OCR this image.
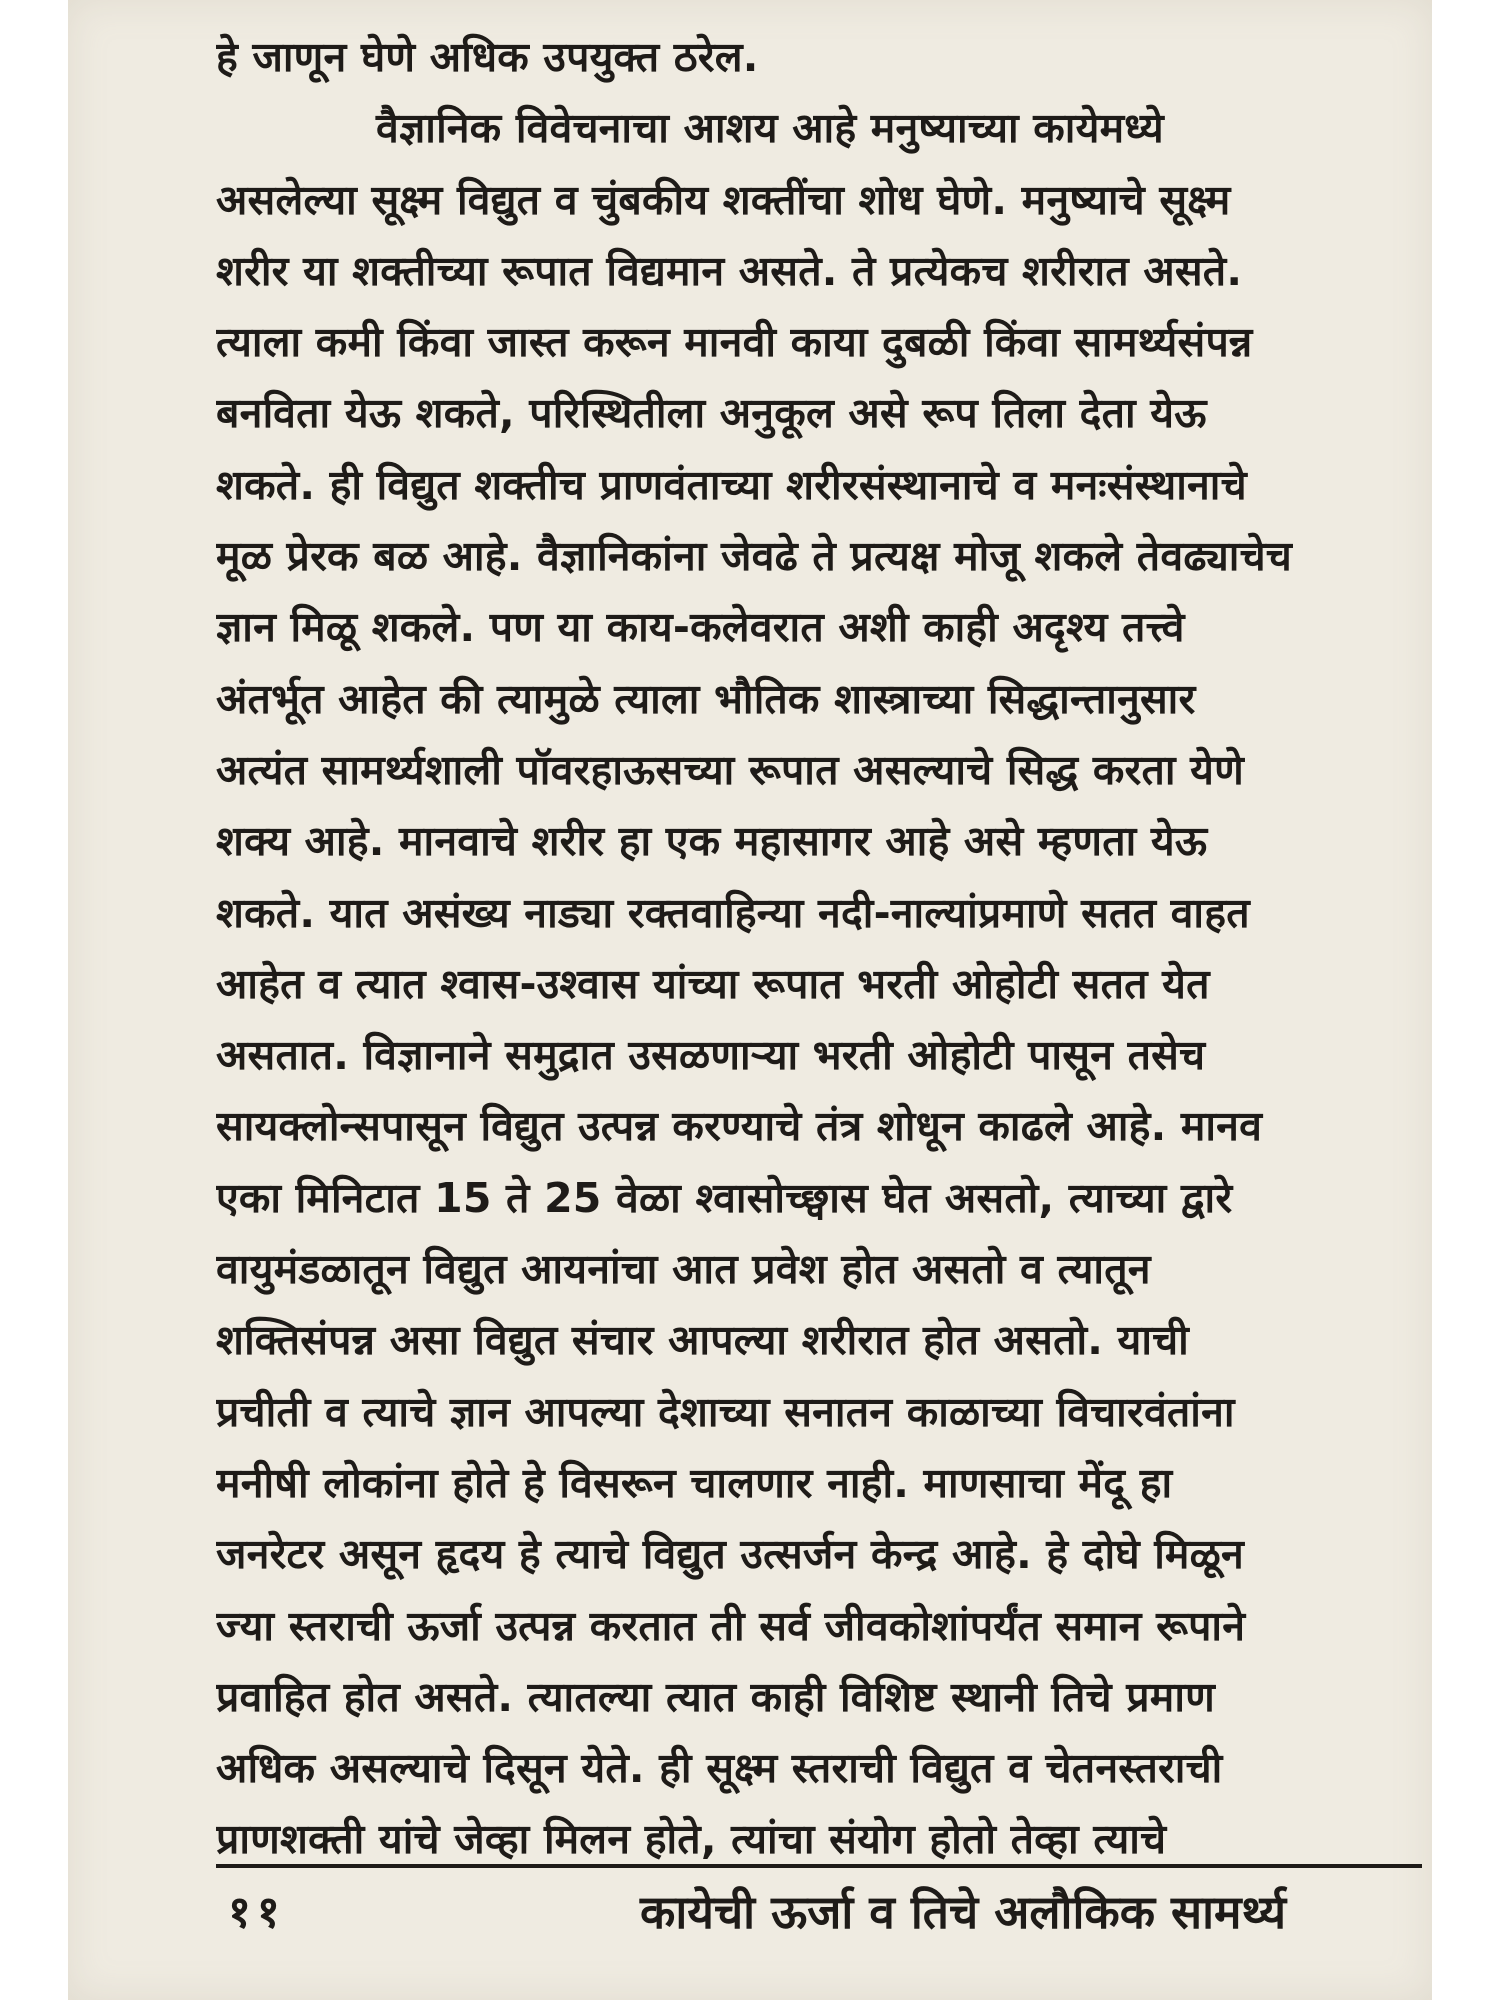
हे जाणून घेणे अधिक उपयुक्त ठरेल.
वैज्ञानिक विवेचनाचा आशय आहे मनुष्याच्या कायेमध्ये
असलेल्या सूक्ष्म विद्युत व चुंबकीय शक्तींचा शोध घेणे. मनुष्याचे सूक्ष्म
शरीर या शक्तीच्या रूपात विद्यमान असते. ते प्रत्येकच शरीरात असते.
त्याला कमी किंवा जास्त करून मानवी काया दुबळी किंवा सामर्थ्यसंपन्न
बनविता येऊ शकते, परिस्थितीला अनुकूल असे रूप तिला देता येऊ
शकते. ही विद्युत शक्तीच प्राणवंताच्या शरीरसंस्थानाचे व मनःसंस्थानाचे
मूळ प्रेरक बळ आहे. वैज्ञानिकांना जेवढे ते प्रत्यक्ष मोजू शकले तेवढ्याचेच
ज्ञान मिळू शकले. पण या काय-कलेवरात अशी काही अदृश्य तत्त्वे
अंतर्भूत आहेत की त्यामुळे त्याला भौतिक शास्त्राच्या सिद्धान्तानुसार
अत्यंत सामर्थ्यशाली पॉवरहाऊसच्या रूपात असल्याचे सिद्ध करता येणे
शक्य आहे. मानवाचे शरीर हा एक महासागर आहे असे म्हणता येऊ
शकते. यात असंख्य नाड्या रक्तवाहिन्या नदी-नाल्यांप्रमाणे सतत वाहत
आहेत व त्यात श्वास-उश्वास यांच्या रूपात भरती ओहोटी सतत येत
असतात. विज्ञानाने समुद्रात उसळणाऱ्या भरती ओहोटी पासून तसेच
सायक्लोन्सपासून विद्युत उत्पन्न करण्याचे तंत्र शोधून काढले आहे. मानव
एका मिनिटात 15 ते 25 वेळा श्वासोच्छ्वास घेत असतो, त्याच्या द्वारे
वायुमंडळातून विद्युत आयनांचा आत प्रवेश होत असतो व त्यातून
शक्तिसंपन्न असा विद्युत संचार आपल्या शरीरात होत असतो. याची
प्रचीती व त्याचे ज्ञान आपल्या देशाच्या सनातन काळाच्या विचारवंतांना
मनीषी लोकांना होते हे विसरून चालणार नाही. माणसाचा मेंदू हा
जनरेटर असून हृदय हे त्याचे विद्युत उत्सर्जन केन्द्र आहे. हे दोघे मिळून
ज्या स्तराची ऊर्जा उत्पन्न करतात ती सर्व जीवकोशांपर्यंत समान रूपाने
प्रवाहित होत असते. त्यातल्या त्यात काही विशिष्ट स्थानी तिचे प्रमाण
अधिक असल्याचे दिसून येते. ही सूक्ष्म स्तराची विद्युत व चेतनस्तराची
प्राणशक्ती यांचे जेव्हा मिलन होते, त्यांचा संयोग होतो तेव्हा त्याचे
११	कायेची ऊर्जा व तिचे अलौकिक सामर्थ्य
